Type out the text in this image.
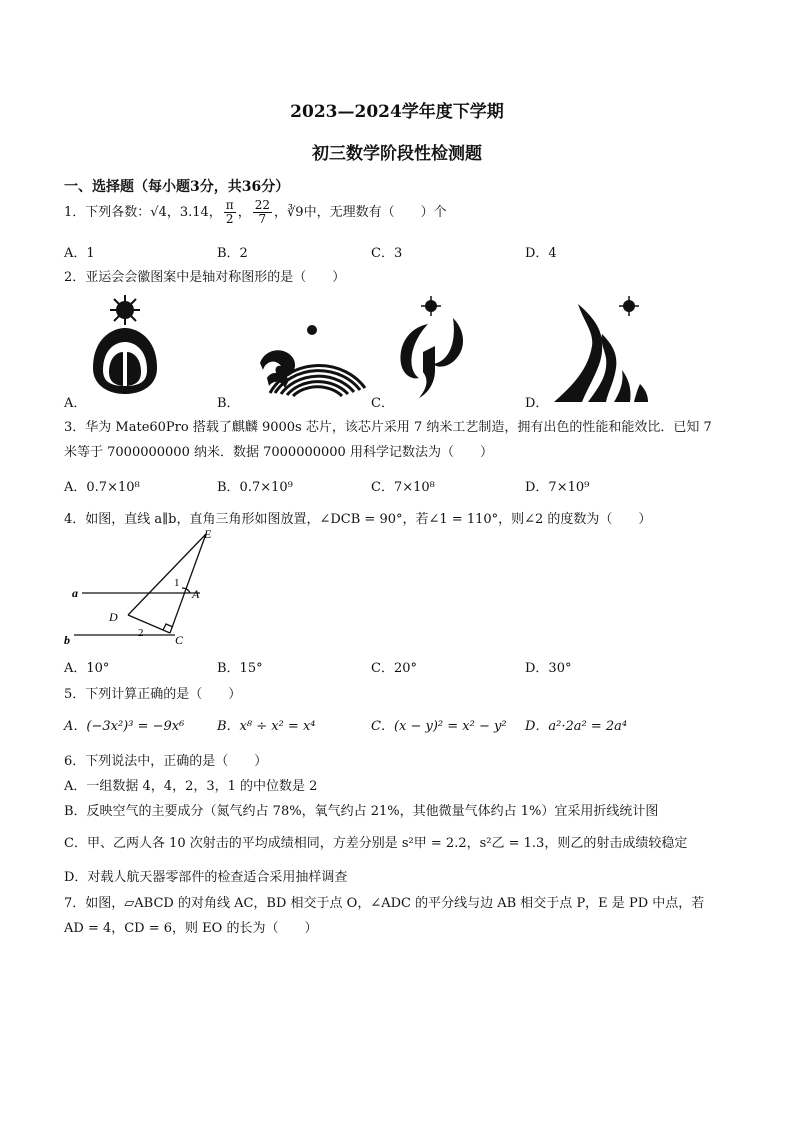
2023—2024学年度下学期
初三数学阶段性检测题
一、选择题（每小题3分，共36分）
1．下列各数：√4，3.14， $\frac{\pi}{2}$ ， $\frac{22}{7}$ ，∛9中，无理数有（　　）个
A．1	B．2	C．3	D．4
2．亚运会会徽图案中是轴对称图形的是（　　）
A．	B．	C．	D．
3．华为 Mate60Pro 搭载了麒麟 9000s 芯片，该芯片采用 7 纳米工艺制造，拥有出色的性能和能效比．已知 7
米等于 7000000000 纳米．数据 7000000000 用科学记数法为（　　）
A．0.7×10⁸	B．0.7×10⁹	C．7×10⁸	D．7×10⁹
4．如图，直线 a∥b，直角三角形如图放置，∠DCB = 90°，若∠1 = 110°，则∠2 的度数为（　　）
E
A
D
C
a
b
1
2
A．10°	B．15°	C．20°	D．30°
5．下列计算正确的是（　　）
A．(−3x²)³ = −9x⁶	B．x⁸ ÷ x² = x⁴	C．(x − y)² = x² − y² D．a²·2a² = 2a⁴
6．下列说法中，正确的是（　　）
A．一组数据 4，4，2，3，1 的中位数是 2
B．反映空气的主要成分（氮气约占 78%，氧气约占 21%，其他微量气体约占 1%）宜采用折线统计图
C．甲、乙两人各 10 次射击的平均成绩相同，方差分别是 s²甲 = 2.2，s²乙 = 1.3，则乙的射击成绩较稳定
D．对载人航天器零部件的检查适合采用抽样调查
7．如图，▱ABCD 的对角线 AC，BD 相交于点 O，∠ADC 的平分线与边 AB 相交于点 P，E 是 PD 中点，若
AD = 4，CD = 6，则 EO 的长为（　　）
